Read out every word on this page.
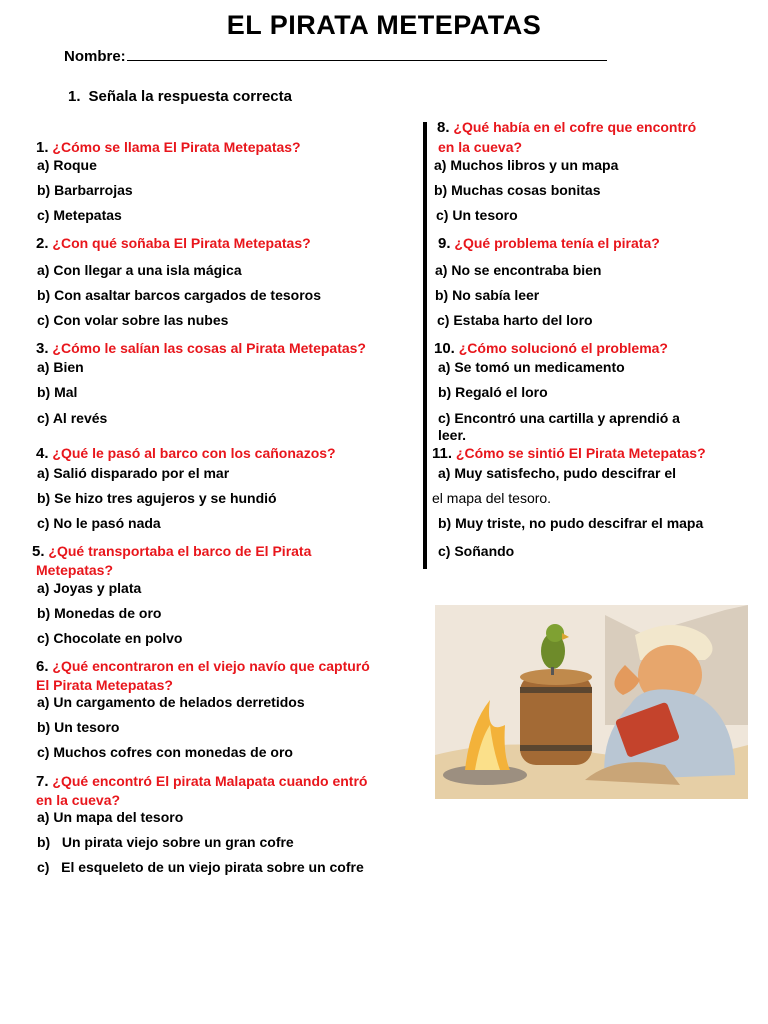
EL PIRATA METEPATAS
Nombre:
1. Señala la respuesta correcta
1. ¿Cómo se llama El Pirata Metepatas?
a) Roque
b) Barbarrojas
c) Metepatas
2. ¿Con qué soñaba El Pirata Metepatas?
a) Con llegar a una isla mágica
b) Con asaltar barcos cargados de tesoros
c) Con volar sobre las nubes
3. ¿Cómo le salían las cosas al Pirata Metepatas?
a) Bien
b) Mal
c) Al revés
4. ¿Qué le pasó al barco con los cañonazos?
a) Salió disparado por el mar
b) Se hizo tres agujeros y se hundió
c) No le pasó nada
5. ¿Qué transportaba el barco de El Pirata
Metepatas?
a) Joyas y plata
b) Monedas de oro
c) Chocolate en polvo
6. ¿Qué encontraron en el viejo navío que capturó
El Pirata Metepatas?
a) Un cargamento de helados derretidos
b) Un tesoro
c) Muchos cofres con monedas de oro
7. ¿Qué encontró El pirata Malapata cuando entró
en la cueva?
a) Un mapa del tesoro
b)   Un pirata viejo sobre un gran cofre
c)   El esqueleto de un viejo pirata sobre un cofre
8. ¿Qué había en el cofre que encontró
en la cueva?
a) Muchos libros y un mapa
b) Muchas cosas bonitas
c) Un tesoro
9. ¿Qué problema tenía el pirata?
a) No se encontraba bien
b) No sabía leer
c) Estaba harto del loro
10. ¿Cómo solucionó el problema?
a) Se tomó un medicamento
b) Regaló el loro
c) Encontró una cartilla y aprendió a
leer.
11. ¿Cómo se sintió El Pirata Metepatas?
a) Muy satisfecho, pudo descifrar el
el mapa del tesoro.
b) Muy triste, no pudo descifrar el mapa
c) Soñando
